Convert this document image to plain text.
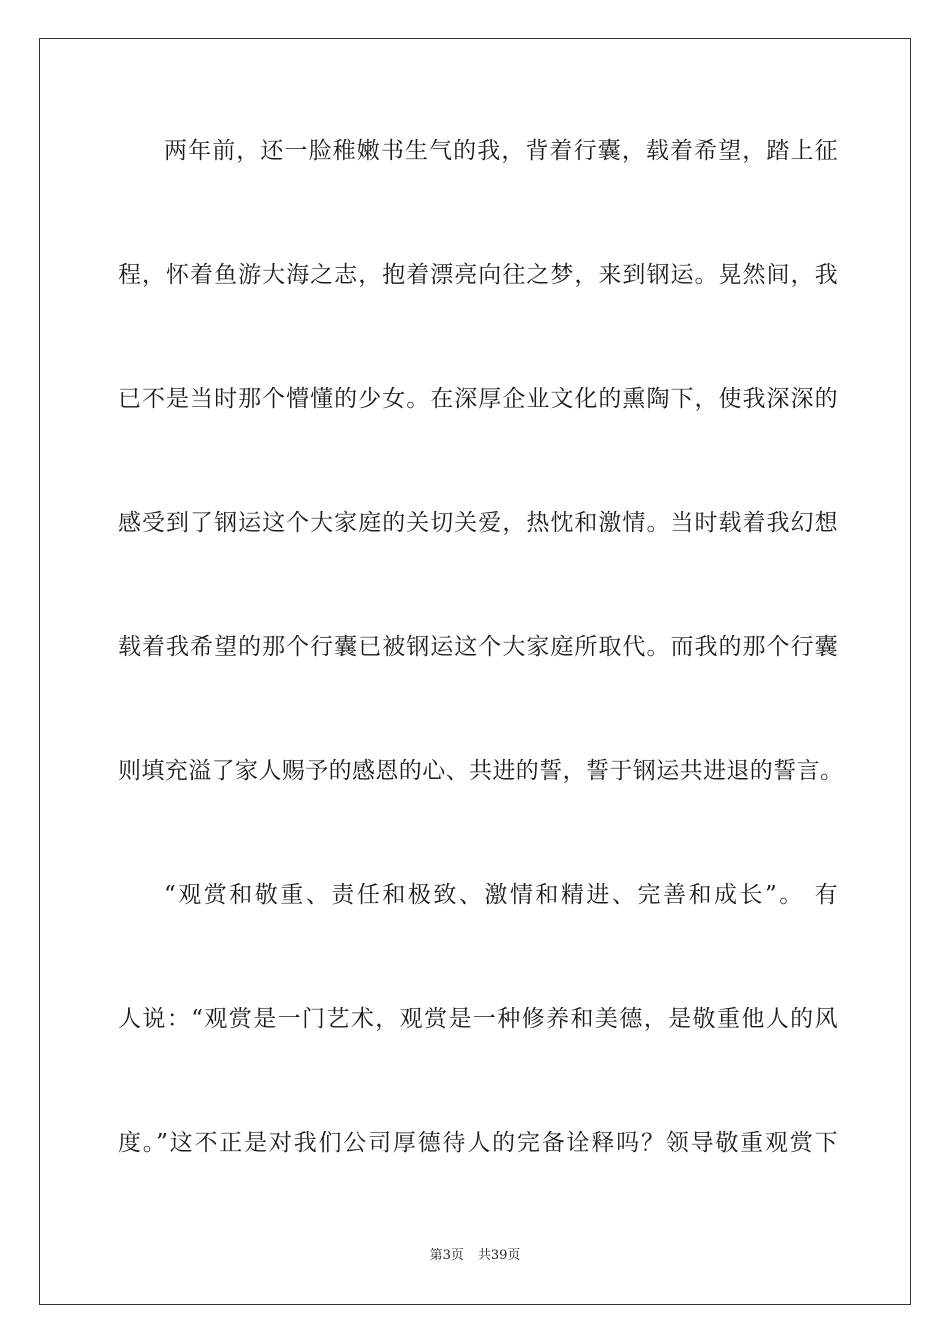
两年前，还一脸稚嫩书生气的我，背着行囊，载着希望，踏上征
程，怀着鱼游大海之志，抱着漂亮向往之梦，来到钢运。晃然间，我
已不是当时那个懵懂的少女。在深厚企业文化的熏陶下，使我深深的
感受到了钢运这个大家庭的关切关爱，热忱和激情。当时载着我幻想
载着我希望的那个行囊已被钢运这个大家庭所取代。而我的那个行囊
则填充溢了家人赐予的感恩的心、共进的誓，誓于钢运共进退的誓言。
“观赏和敬重、责任和极致、激情和精进、完善和成长”。 有
人说：“观赏是一门艺术，观赏是一种修养和美德，是敬重他人的风
度。”这不正是对我们公司厚德待人的完备诠释吗？领导敬重观赏下
第3页 共39页
